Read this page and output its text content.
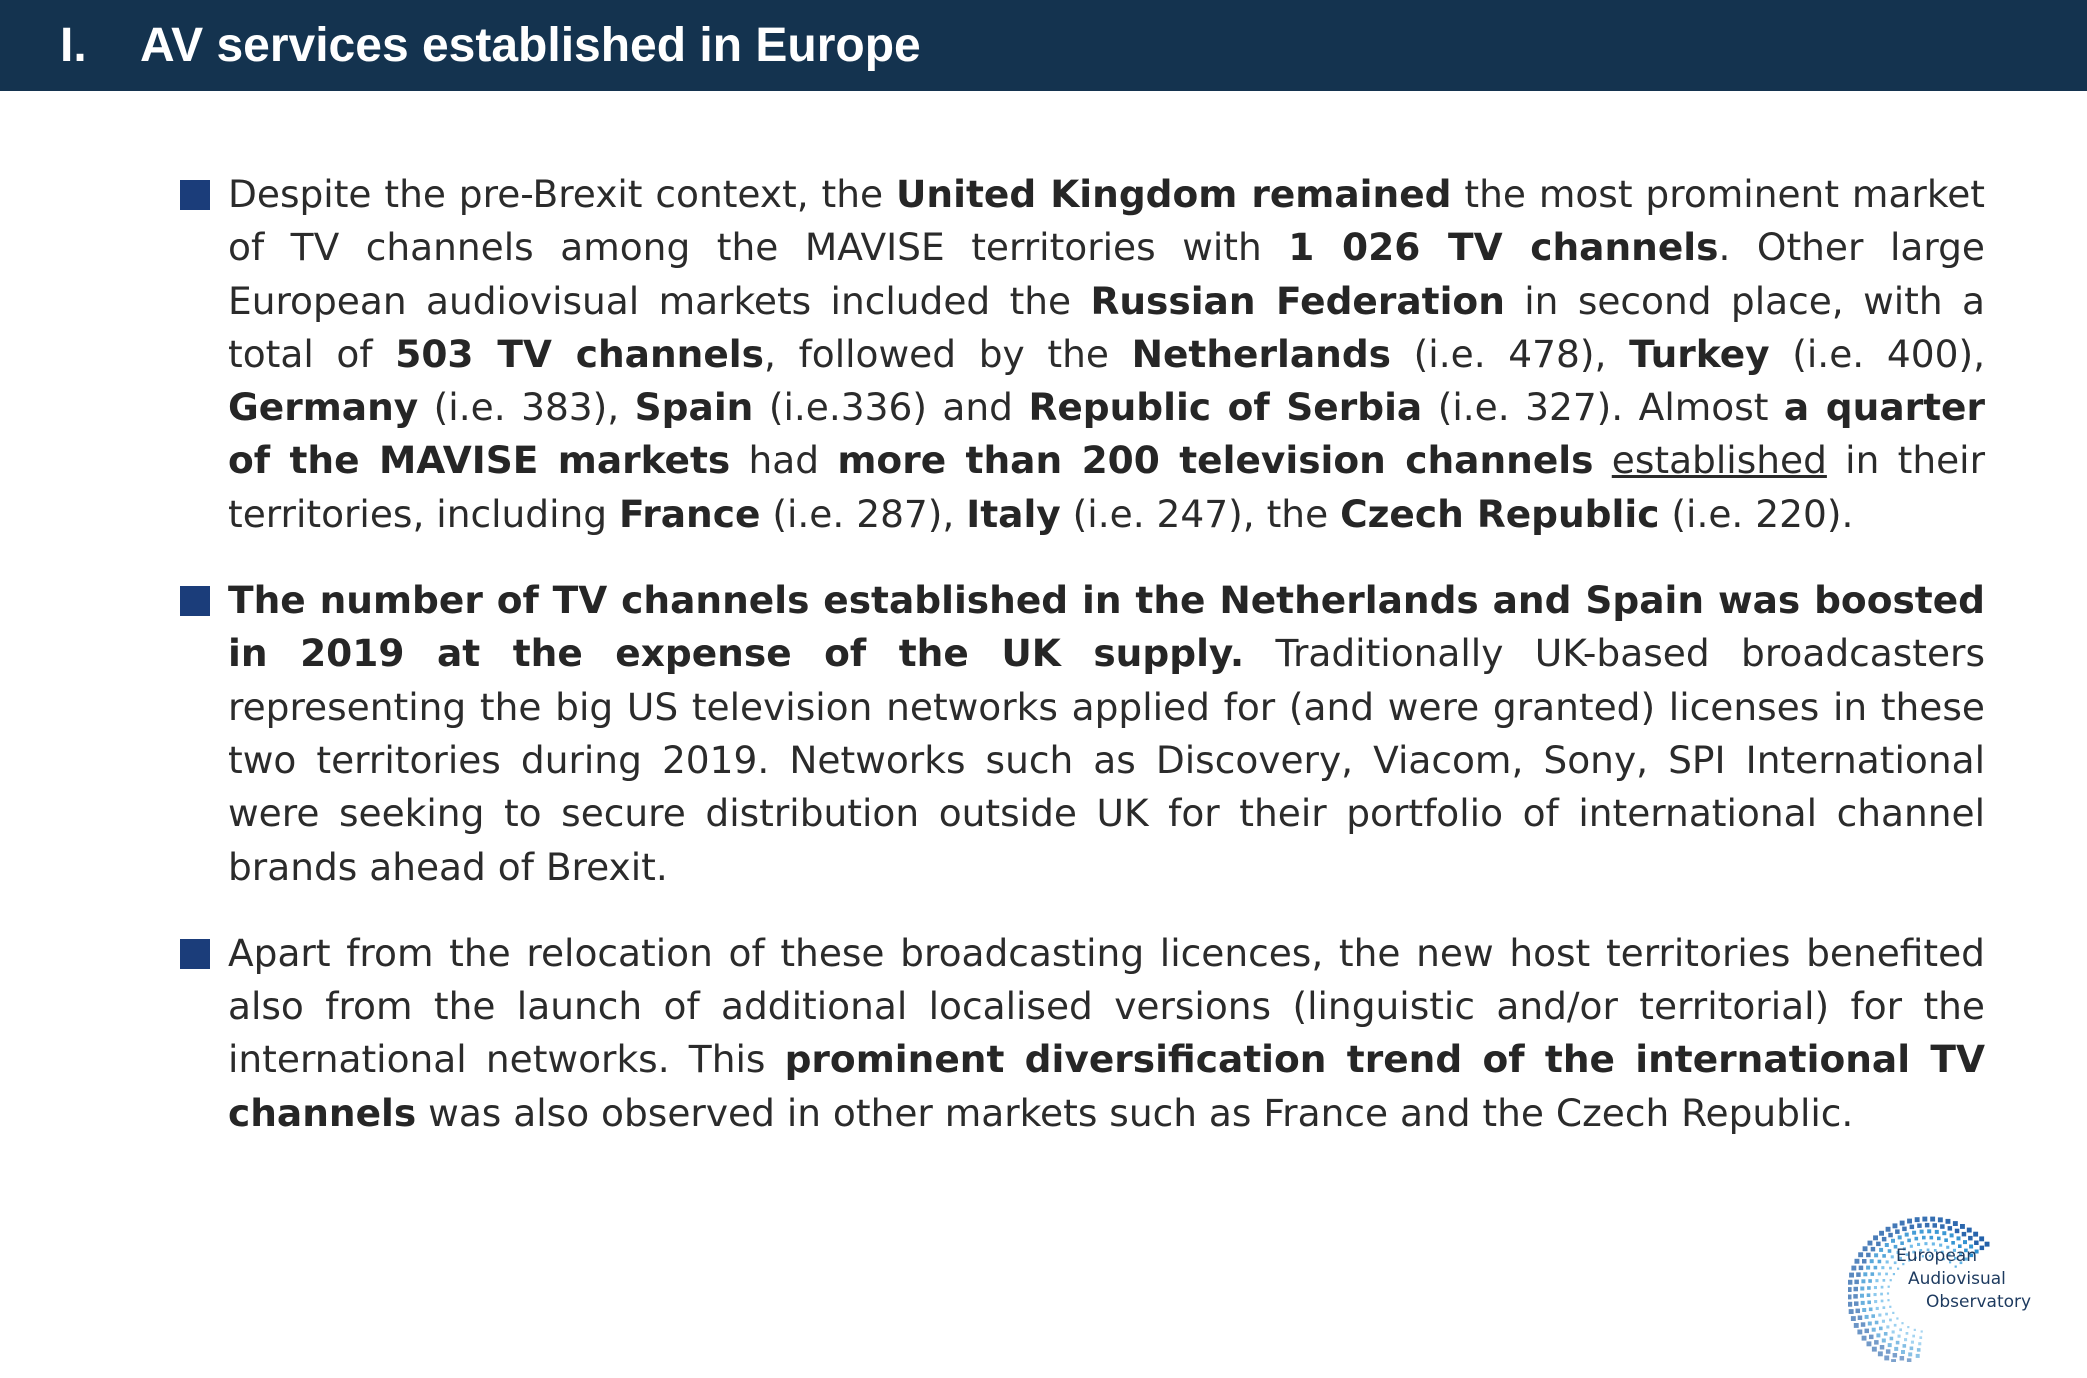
I. AV services established in Europe
Despite the pre-Brexit context, the United Kingdom remained the most prominent market of TV channels among the MAVISE territories with 1 026 TV channels. Other large European audiovisual markets included the Russian Federation in second place, with a total of 503 TV channels, followed by the Netherlands (i.e. 478), Turkey (i.e. 400), Germany (i.e. 383), Spain (i.e.336) and Republic of Serbia (i.e. 327). Almost a quarter of the MAVISE markets had more than 200 television channels established in their territories, including France (i.e. 287), Italy (i.e. 247), the Czech Republic (i.e. 220).
The number of TV channels established in the Netherlands and Spain was boosted in 2019 at the expense of the UK supply. Traditionally UK-based broadcasters representing the big US television networks applied for (and were granted) licenses in these two territories during 2019. Networks such as Discovery, Viacom, Sony, SPI International were seeking to secure distribution outside UK for their portfolio of international channel brands ahead of Brexit.
Apart from the relocation of these broadcasting licences, the new host territories benefited also from the launch of additional localised versions (linguistic and/or territorial) for the international networks. This prominent diversification trend of the international TV channels was also observed in other markets such as France and the Czech Republic.
European
Audiovisual
Observatory
